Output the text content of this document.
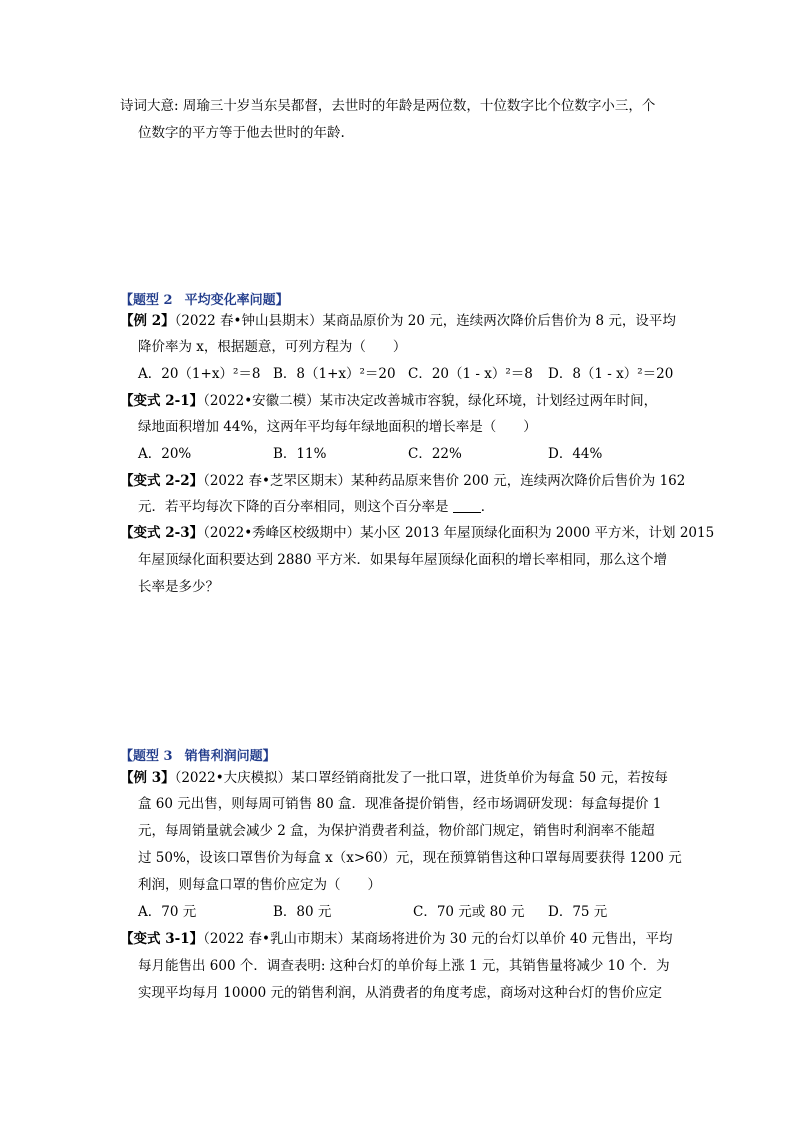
诗词大意: 周瑜三十岁当东吴都督，去世时的年龄是两位数，十位数字比个位数字小三，个
位数字的平方等于他去世时的年龄.
【题型 2 平均变化率问题】
【例 2】（2022 春•钟山县期末）某商品原价为 20 元，连续两次降价后售价为 8 元，设平均
降价率为 x，根据题意，可列方程为（　　）
A．20（1+x）²＝8 B．8（1+x）²＝20 C．20（1 - x）²＝8 D．8（1 - x）²＝20
【变式 2-1】（2022•安徽二模）某市决定改善城市容貌，绿化环境，计划经过两年时间，
绿地面积增加 44%，这两年平均每年绿地面积的增长率是（　　）
A．20%	B．11%	C．22%	D．44%
【变式 2-2】（2022 春•芝罘区期末）某种药品原来售价 200 元，连续两次降价后售价为 162
元．若平均每次下降的百分率相同，则这个百分率是 ．
【变式 2-3】（2022•秀峰区校级期中）某小区 2013 年屋顶绿化面积为 2000 平方米，计划 2015
年屋顶绿化面积要达到 2880 平方米．如果每年屋顶绿化面积的增长率相同，那么这个增
长率是多少？
【题型 3 销售利润问题】
【例 3】（2022•大庆模拟）某口罩经销商批发了一批口罩，进货单价为每盒 50 元，若按每
盒 60 元出售，则每周可销售 80 盒．现准备提价销售，经市场调研发现：每盒每提价 1
元，每周销量就会减少 2 盒，为保护消费者利益，物价部门规定，销售时利润率不能超
过 50%，设该口罩售价为每盒 x（x>60）元，现在预算销售这种口罩每周要获得 1200 元
利润，则每盒口罩的售价应定为（　　）
A．70 元	B．80 元	C．70 元或 80 元 D．75 元
【变式 3-1】（2022 春•乳山市期末）某商场将进价为 30 元的台灯以单价 40 元售出，平均
每月能售出 600 个．调查表明: 这种台灯的单价每上涨 1 元，其销售量将减少 10 个．为
实现平均每月 10000 元的销售利润，从消费者的角度考虑，商场对这种台灯的售价应定
